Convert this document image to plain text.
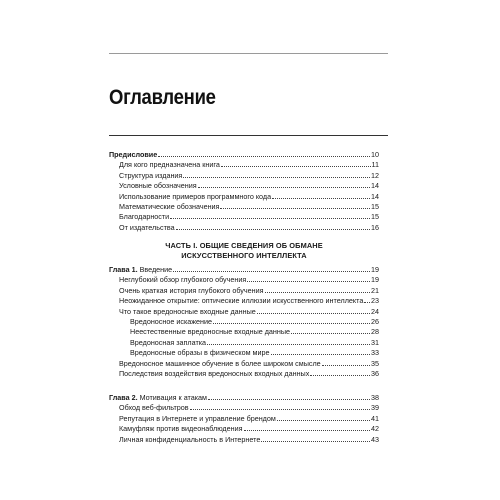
Оглавление
Предисловие	10
Для кого предназначена книга	11
Структура издания	12
Условные обозначения	14
Использование примеров программного кода	14
Математические обозначения	15
Благодарности	15
От издательства	16
ЧАСТЬ I. ОБЩИЕ СВЕДЕНИЯ ОБ ОБМАНЕ
ИСКУССТВЕННОГО ИНТЕЛЛЕКТА
Глава 1. Введение	19
Неглубокий обзор глубокого обучения	19
Очень краткая история глубокого обучения	21
Неожиданное открытие: оптические иллюзии искусственного интеллекта 23
Что такое вредоносные входные данные	24
Вредоносное искажение	26
Неестественные вредоносные входные данные	28
Вредоносная заплатка	31
Вредоносные образы в физическом мире	33
Вредоносное машинное обучение в более широком смысле	35
Последствия воздействия вредоносных входных данных	36
Глава 2. Мотивация к атакам	38
Обход веб-фильтров	39
Репутация в Интернете и управление брендом	41
Камуфляж против видеонаблюдения	42
Личная конфиденциальность в Интернете	43
